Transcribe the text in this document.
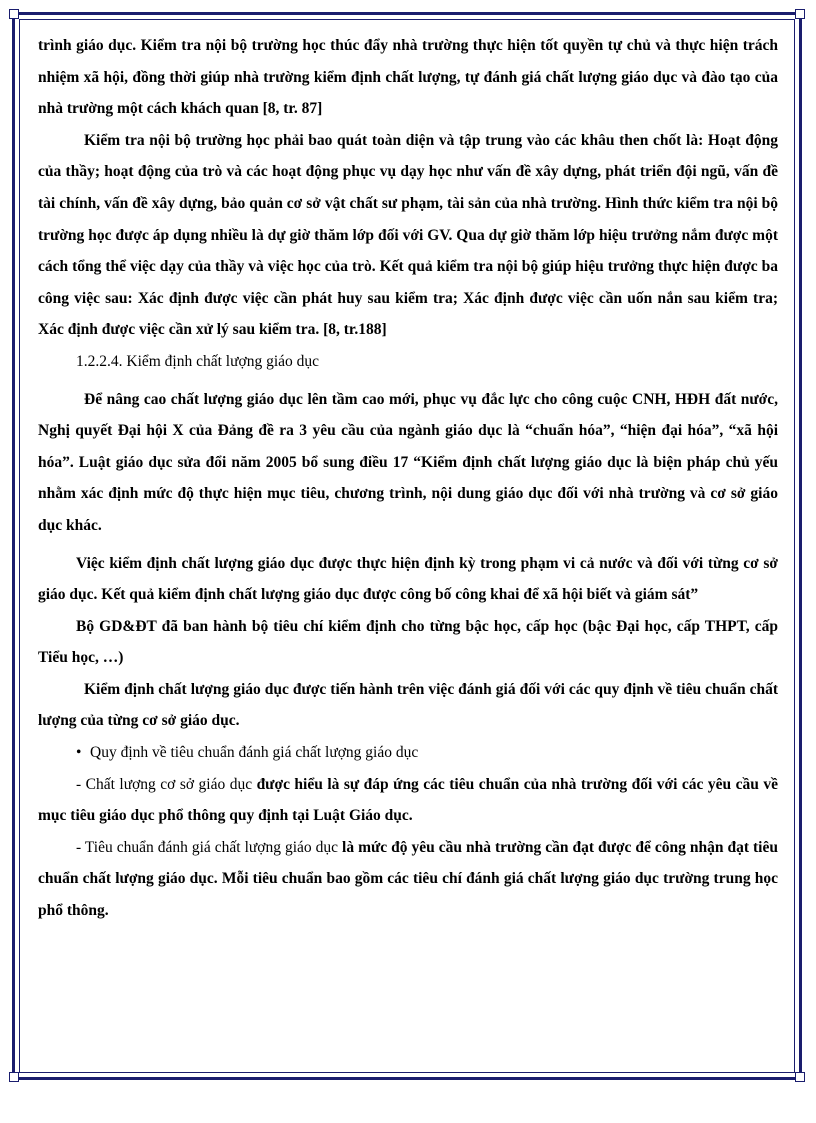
trình giáo dục. Kiểm tra nội bộ trường học thúc đẩy nhà trường thực hiện tốt quyền tự chủ và thực hiện trách nhiệm xã hội, đồng thời giúp nhà trường kiểm định chất lượng, tự đánh giá chất lượng giáo dục và đào tạo của nhà trường một cách khách quan [8, tr. 87]

Kiểm tra nội bộ trường học phải bao quát toàn diện và tập trung vào các khâu then chốt là: Hoạt động của thầy; hoạt động của trò và các hoạt động phục vụ dạy học như vấn đề xây dựng, phát triển đội ngũ, vấn đề tài chính, vấn đề xây dựng, bảo quản cơ sở vật chất sư phạm, tài sản của nhà trường. Hình thức kiểm tra nội bộ trường học được áp dụng nhiều là dự giờ thăm lớp đối với GV. Qua dự giờ thăm lớp hiệu trưởng nắm được một cách tổng thể việc dạy của thầy và việc học của trò. Kết quả kiểm tra nội bộ giúp hiệu trưởng thực hiện được ba công việc sau: Xác định được việc cần phát huy sau kiểm tra; Xác định được việc cần uốn nắn sau kiểm tra; Xác định được việc cần xử lý sau kiểm tra. [8, tr.188]

1.2.2.4. Kiểm định chất lượng giáo dục

Để nâng cao chất lượng giáo dục lên tầm cao mới, phục vụ đắc lực cho công cuộc CNH, HĐH đất nước, Nghị quyết Đại hội X của Đảng đề ra 3 yêu cầu của ngành giáo dục là “chuẩn hóa”, “hiện đại hóa”, “xã hội hóa”. Luật giáo dục sửa đổi năm 2005 bổ sung điều 17 “Kiểm định chất lượng giáo dục là biện pháp chủ yếu nhằm xác định mức độ thực hiện mục tiêu, chương trình, nội dung giáo dục đối với nhà trường và cơ sở giáo dục khác.

Việc kiểm định chất lượng giáo dục được thực hiện định kỳ trong phạm vi cả nước và đối với từng cơ sở giáo dục. Kết quả kiểm định chất lượng giáo dục được công bố công khai để xã hội biết và giám sát”

Bộ GD&ĐT đã ban hành bộ tiêu chí kiểm định cho từng bậc học, cấp học (bậc Đại học, cấp THPT, cấp Tiểu học, …)

Kiểm định chất lượng giáo dục được tiến hành trên việc đánh giá đối với các quy định về tiêu chuẩn chất lượng của từng cơ sở giáo dục.

• Quy định về tiêu chuẩn đánh giá chất lượng giáo dục

- Chất lượng cơ sở giáo dục được hiểu là sự đáp ứng các tiêu chuẩn của nhà trường đối với các yêu cầu về mục tiêu giáo dục phổ thông quy định tại Luật Giáo dục.

- Tiêu chuẩn đánh giá chất lượng giáo dục là mức độ yêu cầu nhà trường cần đạt được để công nhận đạt tiêu chuẩn chất lượng giáo dục. Mỗi tiêu chuẩn bao gồm các tiêu chí đánh giá chất lượng giáo dục trường trung học phổ thông.
